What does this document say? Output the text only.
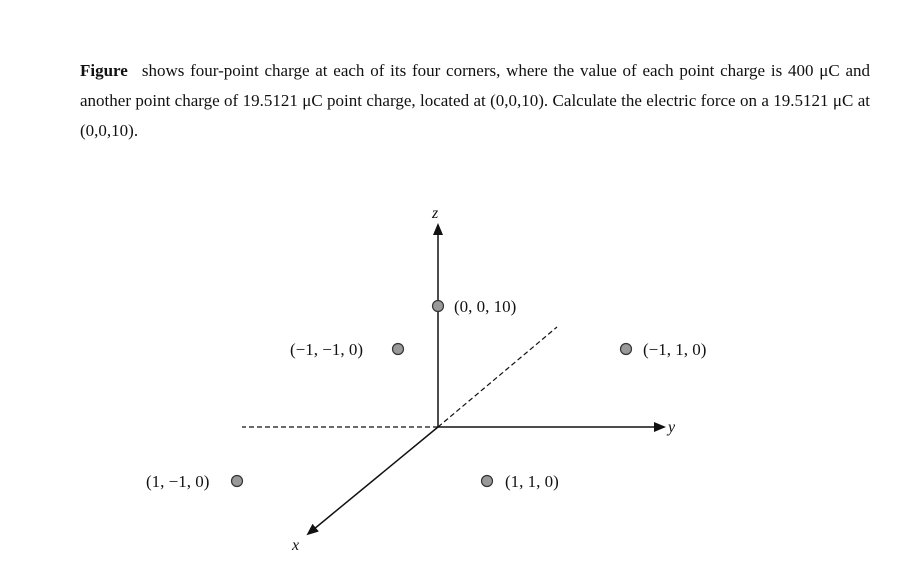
Figure shows four-point charge at each of its four corners, where the value of each point charge is 400 μC and another point charge of 19.5121 μC point charge, located at (0,0,10). Calculate the electric force on a 19.5121 μC at (0,0,10).
z
y
x
(0, 0, 10)
(−1, −1, 0)	(−1, 1, 0)
(1, −1, 0)	(1, 1, 0)
